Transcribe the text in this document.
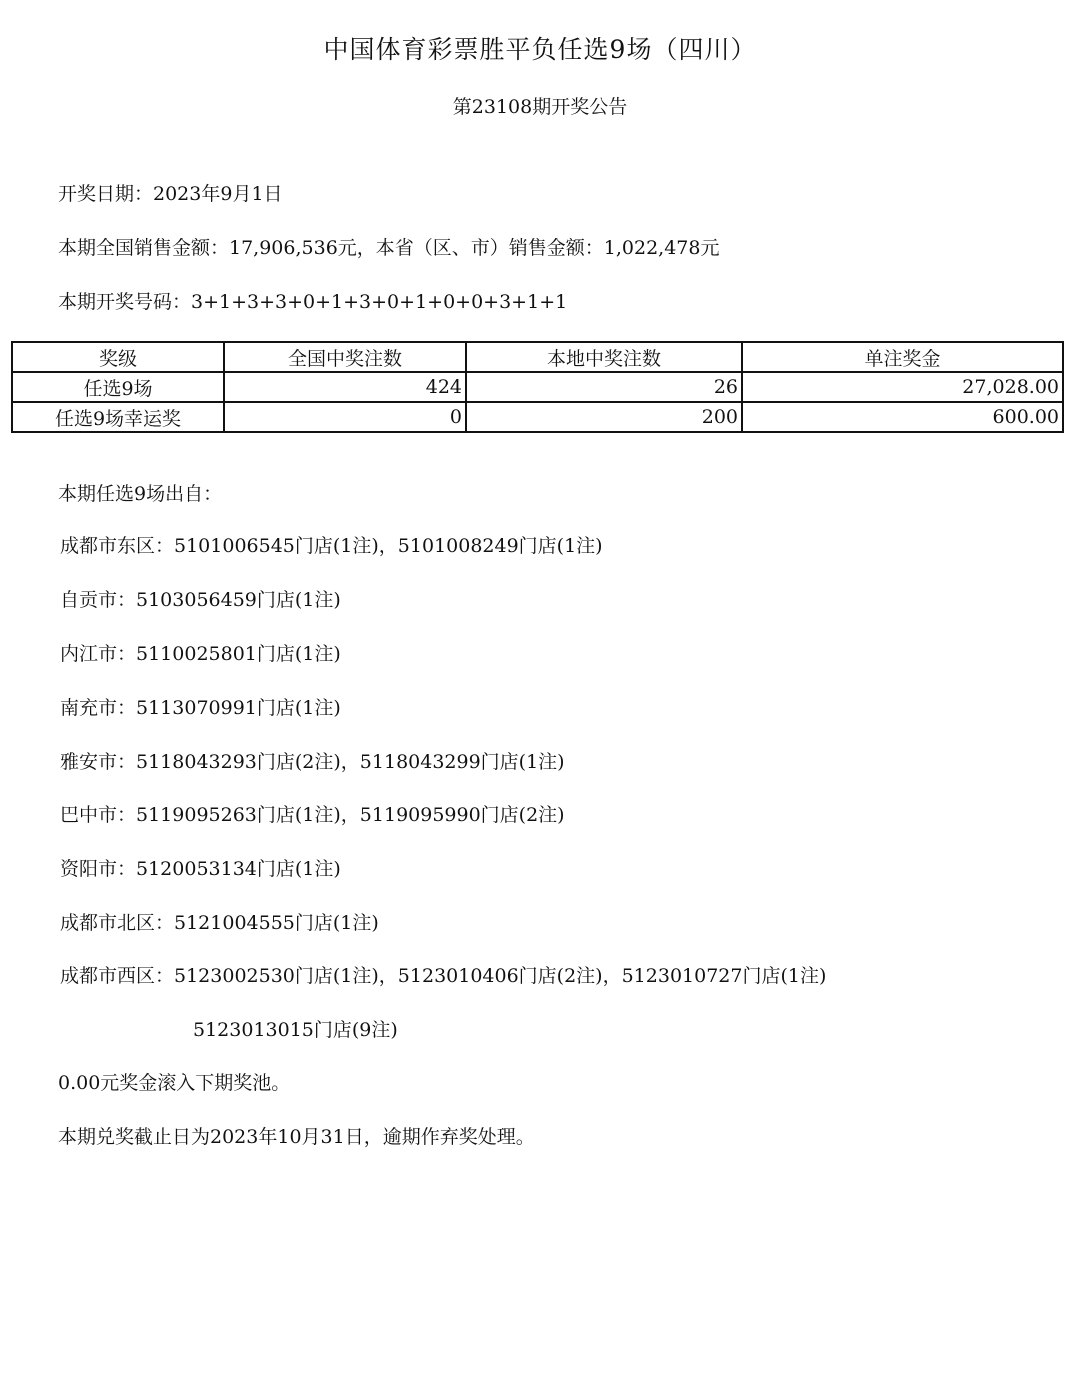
中国体育彩票胜平负任选9场（四川）
第23108期开奖公告
开奖日期：2023年9月1日
本期全国销售金额：17,906,536元，本省（区、市）销售金额：1,022,478元
本期开奖号码：3+1+3+3+0+1+3+0+1+0+0+3+1+1
奖级	全国中奖注数	本地中奖注数	单注奖金
任选9场	424	26	27,028.00
任选9场幸运奖	0	200	600.00
本期任选9场出自：
成都市东区：5101006545门店(1注)，5101008249门店(1注)
自贡市：5103056459门店(1注)
内江市：5110025801门店(1注)
南充市：5113070991门店(1注)
雅安市：5118043293门店(2注)，5118043299门店(1注)
巴中市：5119095263门店(1注)，5119095990门店(2注)
资阳市：5120053134门店(1注)
成都市北区：5121004555门店(1注)
成都市西区：5123002530门店(1注)，5123010406门店(2注)，5123010727门店(1注)
5123013015门店(9注)
0.00元奖金滚入下期奖池。
本期兑奖截止日为2023年10月31日，逾期作弃奖处理。
